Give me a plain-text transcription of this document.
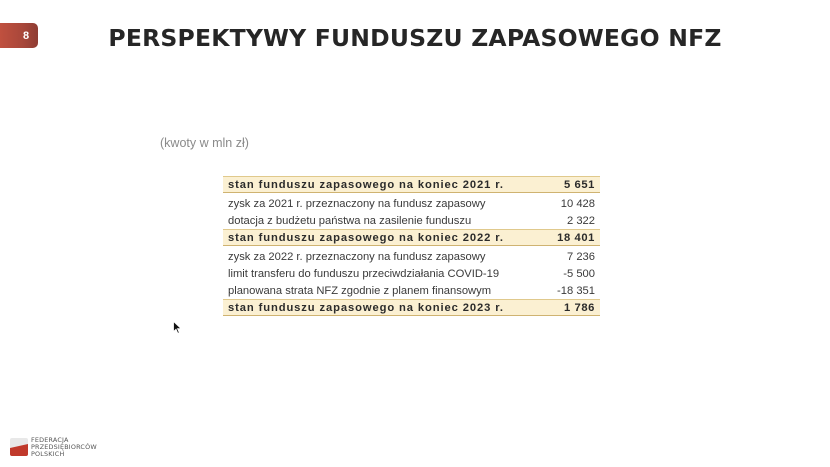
8	PERSPEKTYWY FUNDUSZU ZAPASOWEGO NFZ
(kwoty w mln zł)
stan funduszu zapasowego na koniec 2021 r.	5 651
zysk za 2021 r. przeznaczony na fundusz zapasowy	10 428
dotacja z budżetu państwa na zasilenie funduszu	2 322
stan funduszu zapasowego na koniec 2022 r.	18 401
zysk za 2022 r. przeznaczony na fundusz zapasowy	7 236
limit transferu do funduszu przeciwdziałania COVID-19	-5 500
planowana strata NFZ zgodnie z planem finansowym	-18 351
stan funduszu zapasowego na koniec 2023 r.	1 786
FEDERACJA
PRZEDSIĘBIORCÓW
POLSKICH
